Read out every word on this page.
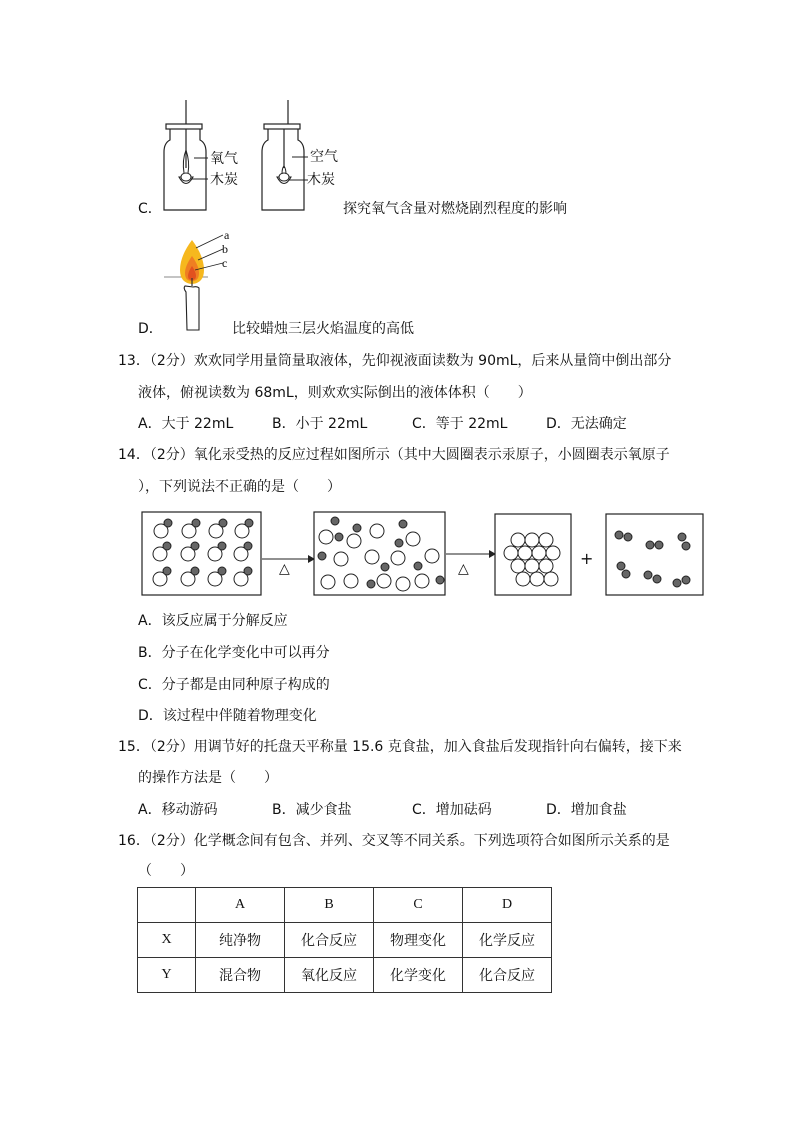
C．
氧气
木炭
空气
木炭
探究氧气含量对燃烧剧烈程度的影响
D．
a
b
c
比较蜡烛三层火焰温度的高低
13．（2分）欢欢同学用量筒量取液体，先仰视液面读数为 90mL，后来从量筒中倒出部分
液体，俯视读数为 68mL，则欢欢实际倒出的液体体积（　　）
A．大于 22mL	B．小于 22mL	C．等于 22mL	D．无法确定
14．（2分）氧化汞受热的反应过程如图所示（其中大圆圈表示汞原子，小圆圈表示氧原子
），下列说法不正确的是（　　）
△	△
+
A．该反应属于分解反应
B．分子在化学变化中可以再分
C．分子都是由同种原子构成的
D．该过程中伴随着物理变化
15．（2分）用调节好的托盘天平称量 15.6 克食盐，加入食盐后发现指针向右偏转，接下来
的操作方法是（　　）
A．移动游码	B．减少食盐	C．增加砝码	D．增加食盐
16．（2分）化学概念间有包含、并列、交叉等不同关系。下列选项符合如图所示关系的是
（　　）
	A	B	C	D
X	纯净物	化合反应	物理变化	化学反应
Y	混合物	氧化反应	化学变化	化合反应
